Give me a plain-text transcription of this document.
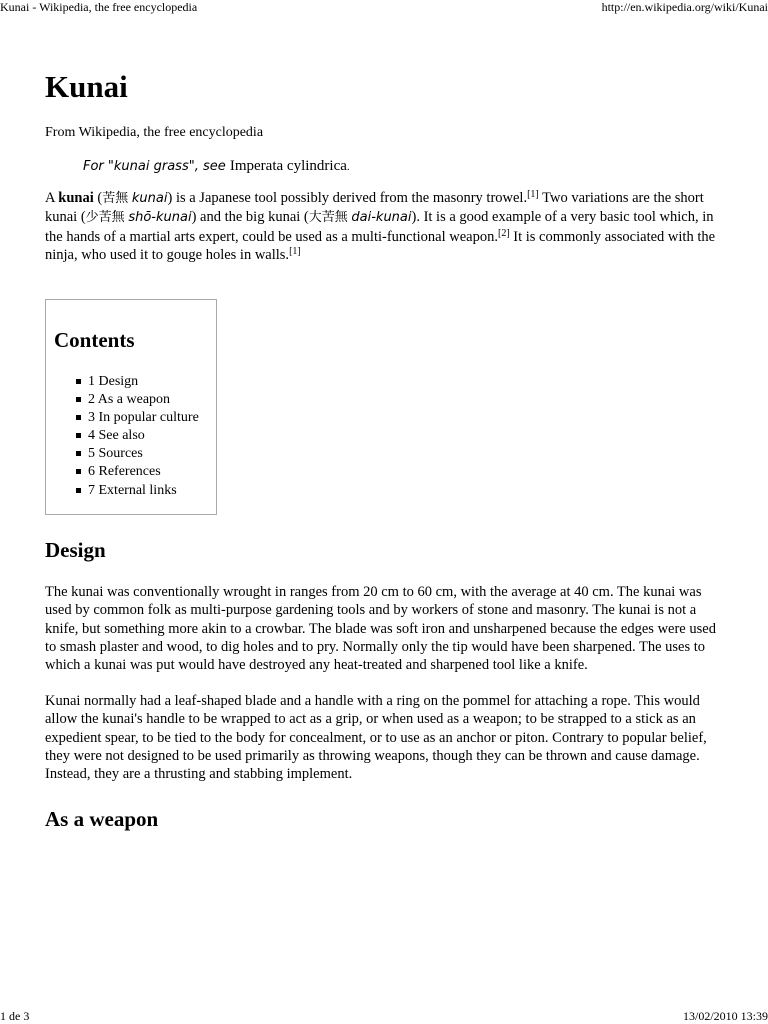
Kunai - Wikipedia, the free encyclopedia	http://en.wikipedia.org/wiki/Kunai
Kunai
From Wikipedia, the free encyclopedia
For "kunai grass", see Imperata cylindrica.

A kunai (苦無 kunai) is a Japanese tool possibly derived from the masonry trowel.[1] Two variations are the short kunai (少苦無 shō-kunai) and the big kunai (大苦無 dai-kunai). It is a good example of a very basic tool which, in the hands of a martial arts expert, could be used as a multi-functional weapon.[2] It is commonly associated with the ninja, who used it to gouge holes in walls.[1]

Contents
1 Design
2 As a weapon
3 In popular culture
4 See also
5 Sources
6 References
7 External links
Design

The kunai was conventionally wrought in ranges from 20 cm to 60 cm, with the average at 40 cm. The kunai was used by common folk as multi-purpose gardening tools and by workers of stone and masonry. The kunai is not a knife, but something more akin to a crowbar. The blade was soft iron and unsharpened because the edges were used to smash plaster and wood, to dig holes and to pry. Normally only the tip would have been sharpened. The uses to which a kunai was put would have destroyed any heat-treated and sharpened tool like a knife.

Kunai normally had a leaf-shaped blade and a handle with a ring on the pommel for attaching a rope. This would allow the kunai's handle to be wrapped to act as a grip, or when used as a weapon; to be strapped to a stick as an expedient spear, to be tied to the body for concealment, or to use as an anchor or piton. Contrary to popular belief, they were not designed to be used primarily as throwing weapons, though they can be thrown and cause damage. Instead, they are a thrusting and stabbing implement.

As a weapon
1 de 3	13/02/2010 13:39
